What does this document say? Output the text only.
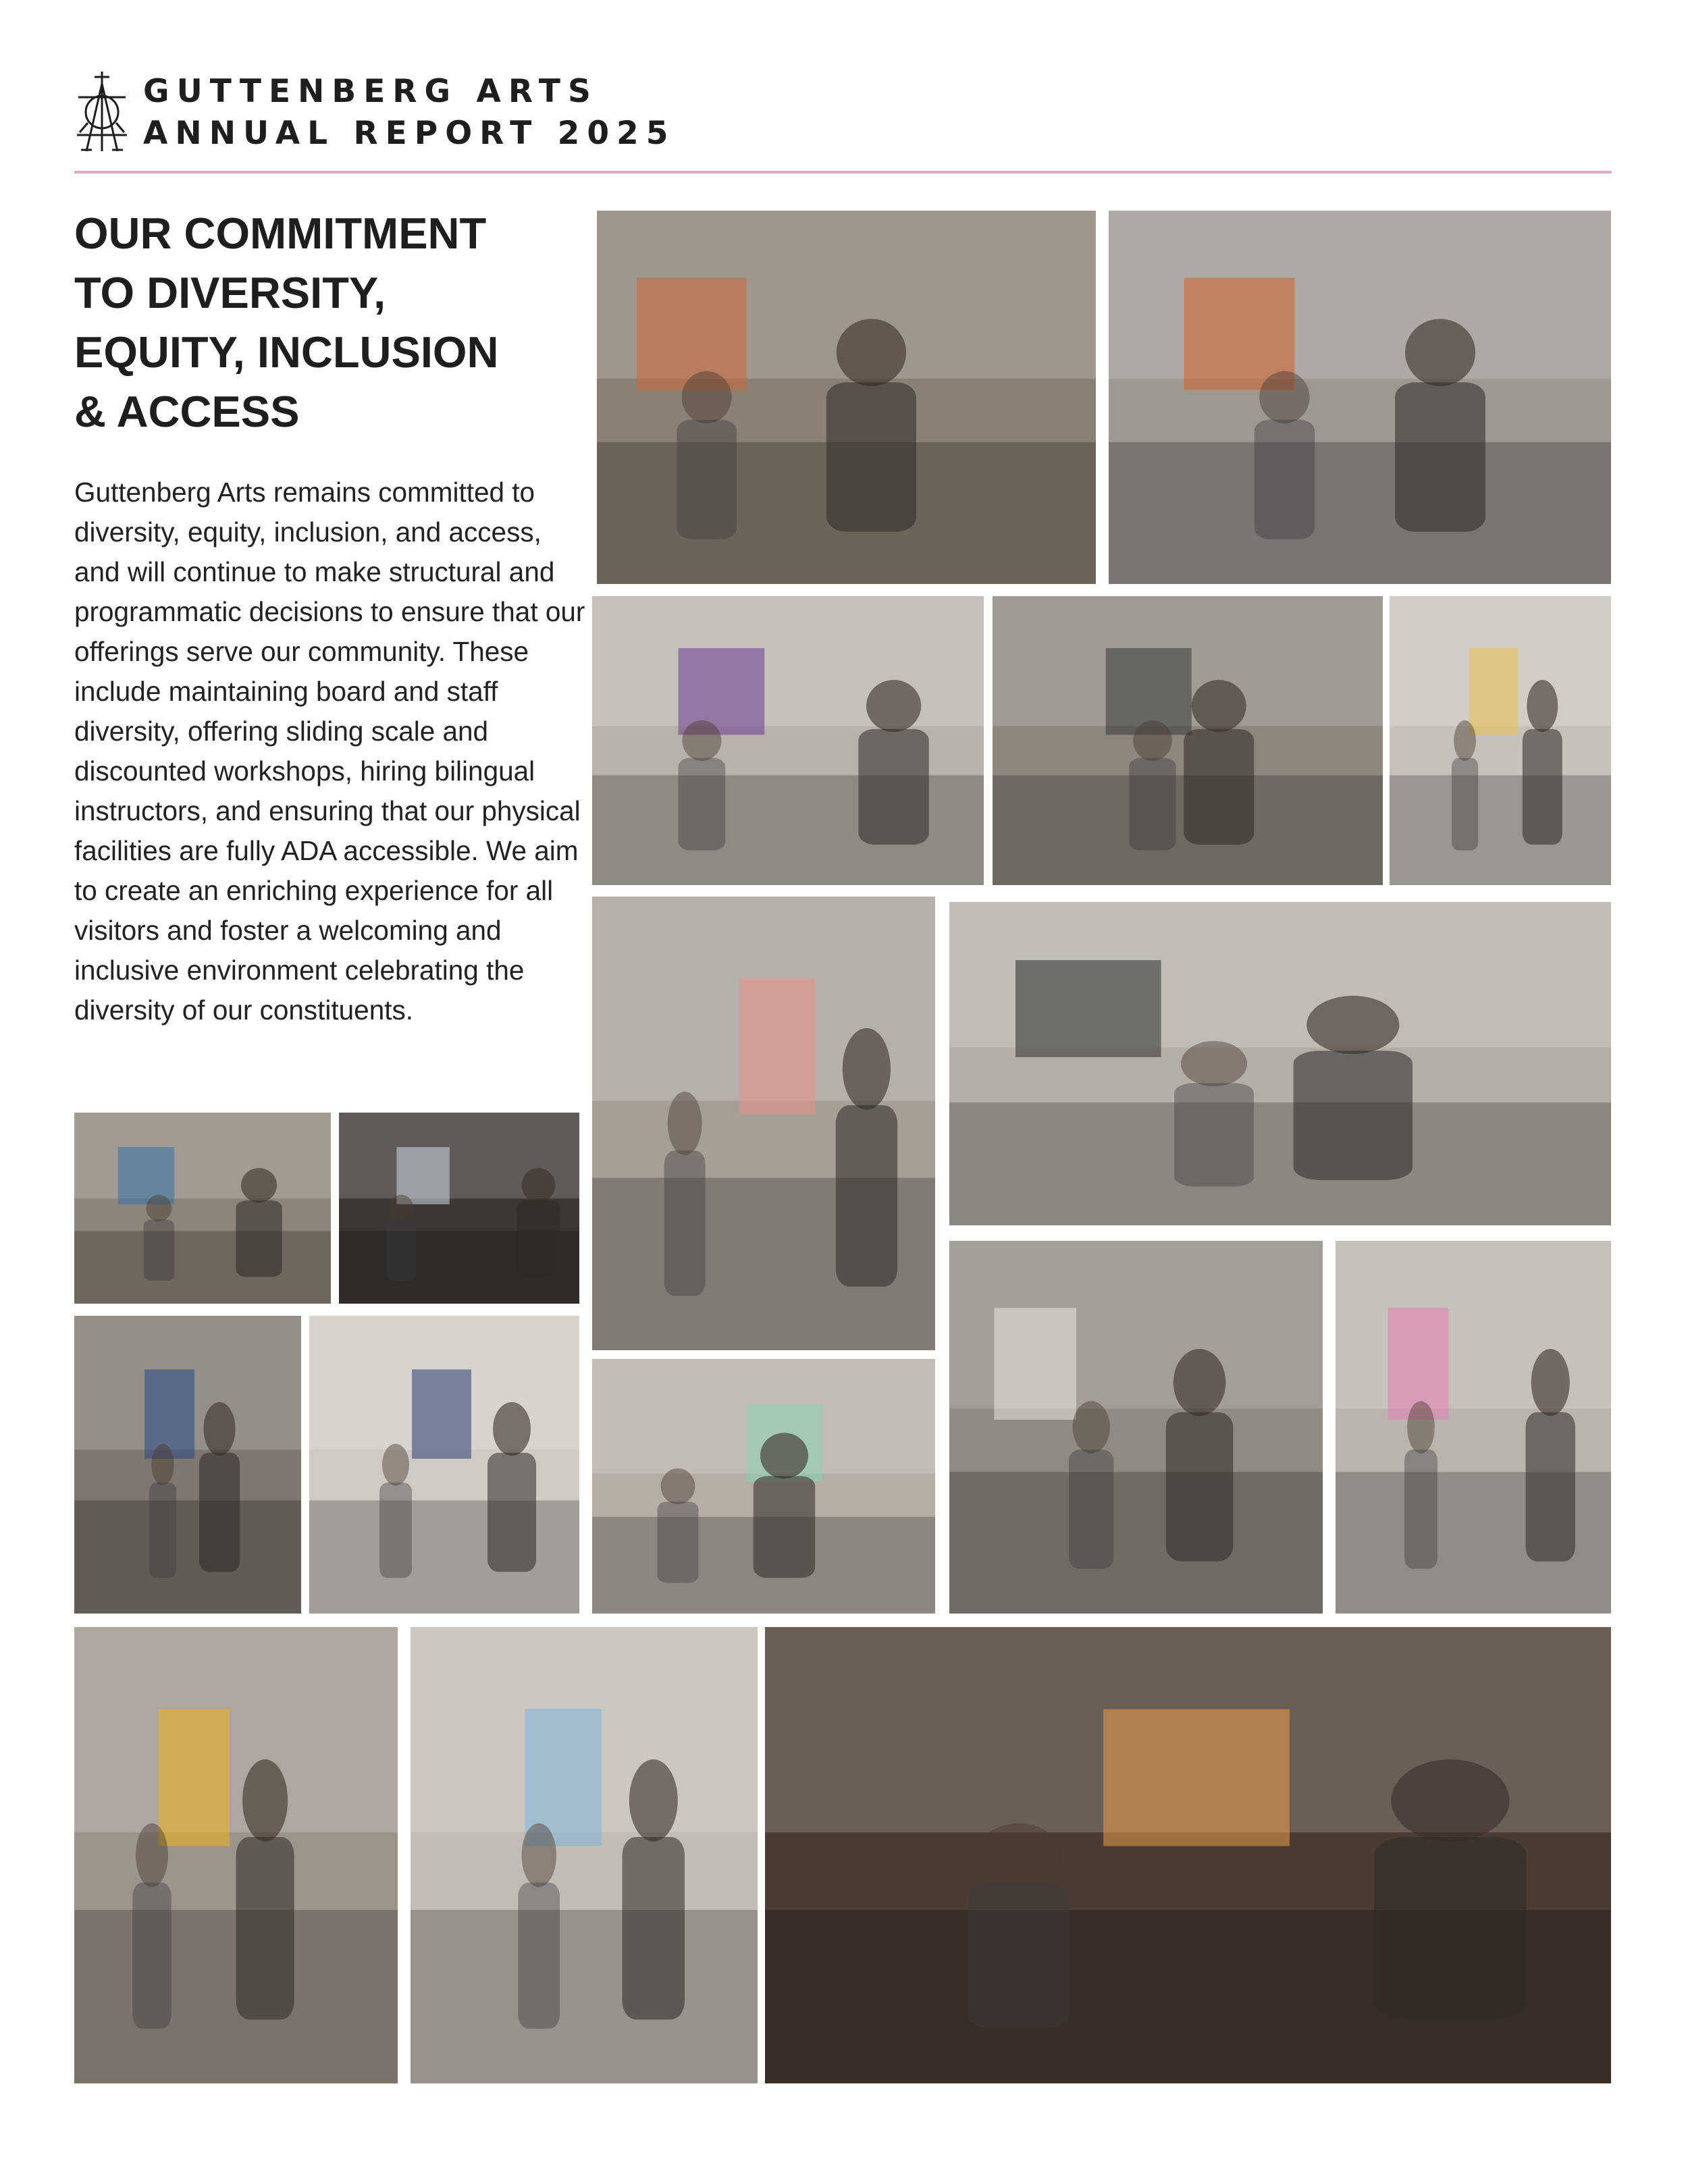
GUTTENBERG ARTS
ANNUAL REPORT 2025
OUR COMMITMENT
TO DIVERSITY,
EQUITY, INCLUSION
& ACCESS

Guttenberg Arts remains committed to diversity, equity, inclusion, and access, and will continue to make structural and programmatic decisions to ensure that our offerings serve our community. These include maintaining board and staff diversity, offering sliding scale and discounted workshops, hiring bilingual instructors, and ensuring that our physical facilities are fully ADA accessible. We aim to create an enriching experience for all visitors and foster a welcoming and inclusive environment celebrating the diversity of our constituents.
